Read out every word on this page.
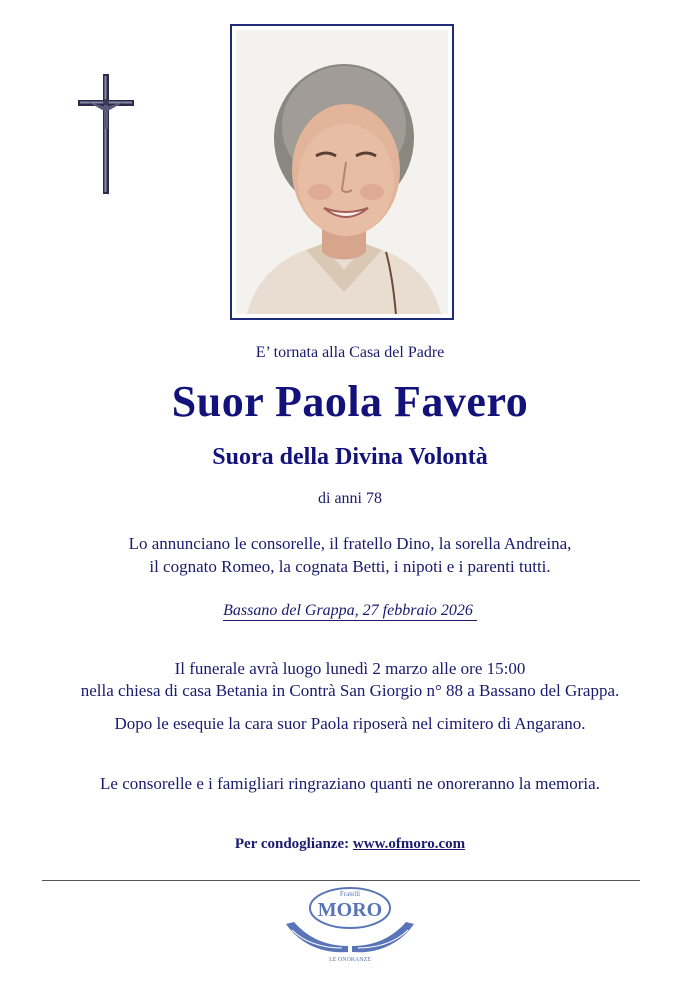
E’ tornata alla Casa del Padre
Suor Paola Favero
Suora della Divina Volontà
di anni 78
Lo annunciano le consorelle, il fratello Dino, la sorella Andreina,
il cognato Romeo, la cognata Betti, i nipoti e i parenti tutti.
Bassano del Grappa, 27 febbraio 2026
Il funerale avrà luogo lunedì 2 marzo alle ore 15:00
nella chiesa di casa Betania in Contrà San Giorgio n° 88 a Bassano del Grappa.
Dopo le esequie la cara suor Paola riposerà nel cimitero di Angarano.
Le consorelle e i famigliari ringraziano quanti ne onoreranno la memoria.
Per condoglianze: www.ofmoro.com
Fratelli
MORO
LE ONORANZE
